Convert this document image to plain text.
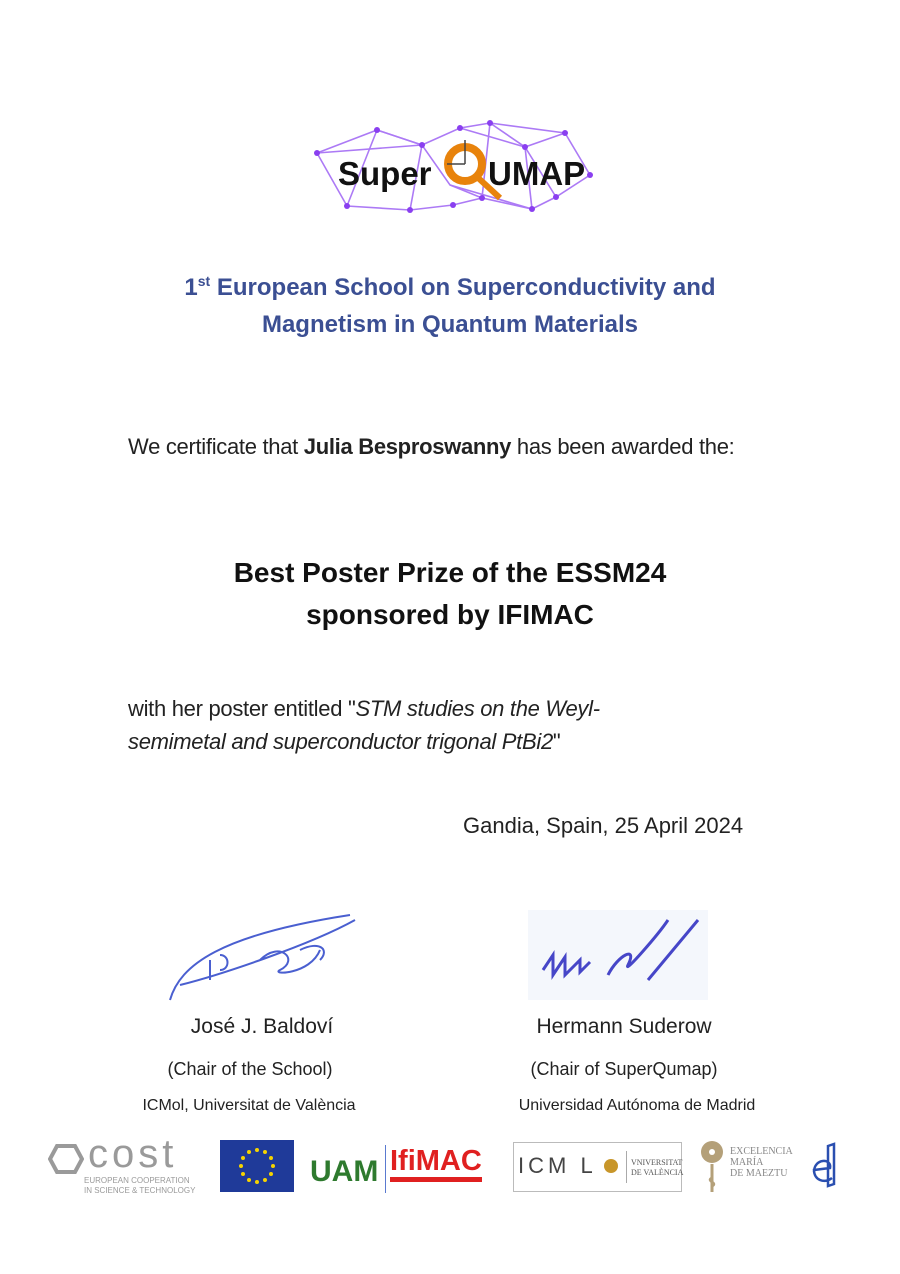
Super UMAP
1st European School on Superconductivity and
Magnetism in Quantum Materials
We certificate that Julia Besproswanny has been awarded the:
Best Poster Prize of the ESSM24
sponsored by IFIMAC
with her poster entitled "STM studies on the Weyl-semimetal and superconductor trigonal PtBi2"
Gandia, Spain, 25 April 2024
José J. Baldoví
(Chair of the School)
ICMol, Universitat de València
Hermann Suderow
(Chair of SuperQumap)
Universidad Autónoma de Madrid
cost
EUROPEAN COOPERATION
IN SCIENCE & TECHNOLOGY
UAM IfiMAC ICM L	VNIVERSITAT
DE VALÈNCIA
EXCELENCIA
MARÍA
DE MAEZTU
